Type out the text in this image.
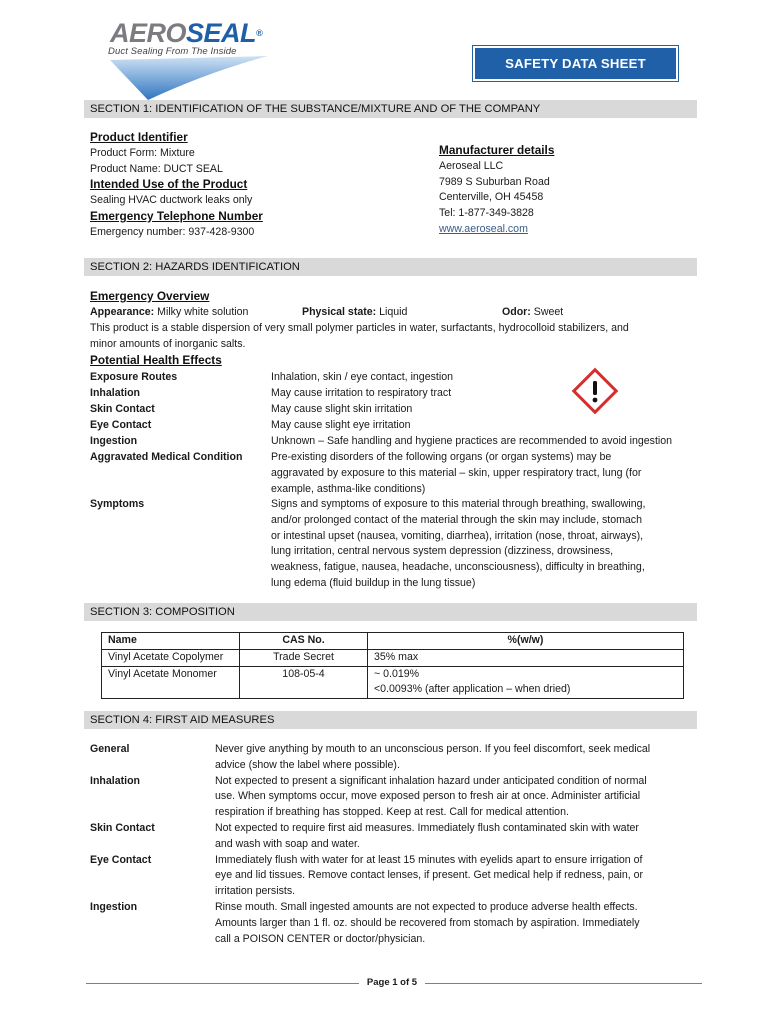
AEROSEAL®
Duct Sealing From The Inside
SAFETY DATA SHEET
SECTION 1: IDENTIFICATION OF THE SUBSTANCE/MIXTURE AND OF THE COMPANY
Product Identifier
Product Form: Mixture
Product Name: DUCT SEAL
Intended Use of the Product
Sealing HVAC ductwork leaks only
Emergency Telephone Number
Emergency number: 937-428-9300
Manufacturer details
Aeroseal LLC
7989 S Suburban Road
Centerville, OH 45458
Tel: 1-877-349-3828
www.aeroseal.com
SECTION 2: HAZARDS IDENTIFICATION
Emergency Overview
Appearance: Milky white solution	Physical state: Liquid	Odor: Sweet
This product is a stable dispersion of very small polymer particles in water, surfactants, hydrocolloid stabilizers, and
minor amounts of inorganic salts.
Potential Health Effects
Exposure Routes	Inhalation, skin / eye contact, ingestion
Inhalation	May cause irritation to respiratory tract
Skin Contact	May cause slight skin irritation
Eye Contact	May cause slight eye irritation
Ingestion	Unknown – Safe handling and hygiene practices are recommended to avoid ingestion
Aggravated Medical Condition	Pre-existing disorders of the following organs (or organ systems) may be
aggravated by exposure to this material – skin, upper respiratory tract, lung (for
example, asthma-like conditions)
Symptoms	Signs and symptoms of exposure to this material through breathing, swallowing,
and/or prolonged contact of the material through the skin may include, stomach
or intestinal upset (nausea, vomiting, diarrhea), irritation (nose, throat, airways),
lung irritation, central nervous system depression (dizziness, drowsiness,
weakness, fatigue, nausea, headache, unconsciousness), difficulty in breathing,
lung edema (fluid buildup in the lung tissue)
SECTION 3: COMPOSITION
Name	CAS No.	%(w/w)
Vinyl Acetate Copolymer	Trade Secret	35% max
Vinyl Acetate Monomer	108-05-4	~ 0.019%
<0.0093% (after application – when dried)
SECTION 4: FIRST AID MEASURES
General	Never give anything by mouth to an unconscious person. If you feel discomfort, seek medical
advice (show the label where possible).
Inhalation	Not expected to present a significant inhalation hazard under anticipated condition of normal
use. When symptoms occur, move exposed person to fresh air at once. Administer artificial
respiration if breathing has stopped. Keep at rest. Call for medical attention.
Skin Contact	Not expected to require first aid measures. Immediately flush contaminated skin with water
and wash with soap and water.
Eye Contact	Immediately flush with water for at least 15 minutes with eyelids apart to ensure irrigation of
eye and lid tissues. Remove contact lenses, if present. Get medical help if redness, pain, or
irritation persists.
Ingestion	Rinse mouth. Small ingested amounts are not expected to produce adverse health effects.
Amounts larger than 1 fl. oz. should be recovered from stomach by aspiration. Immediately
call a POISON CENTER or doctor/physician.
Page 1 of 5
